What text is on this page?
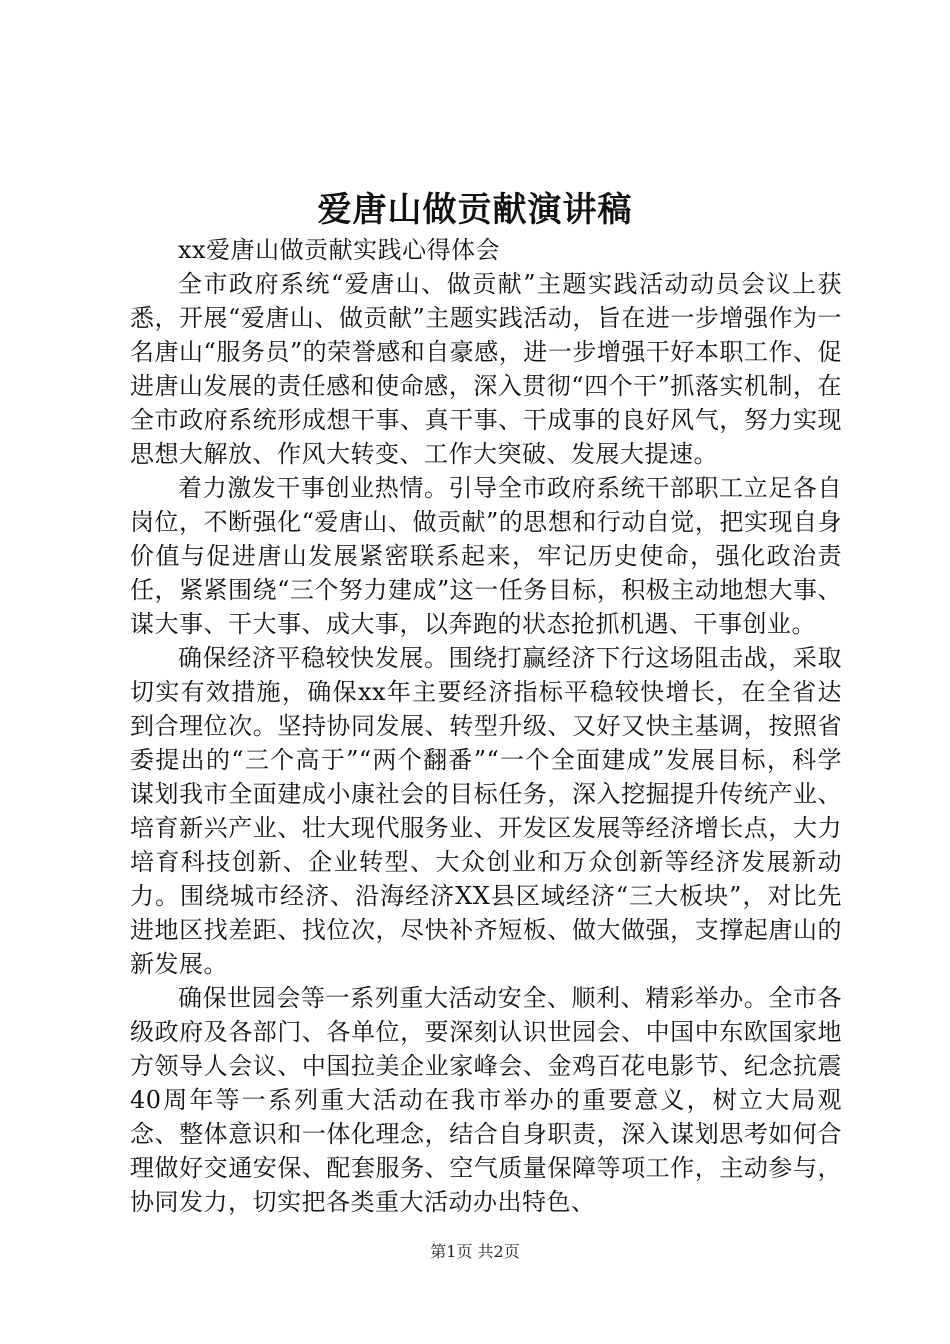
爱唐山做贡献演讲稿

xx爱唐山做贡献实践心得体会

全市政府系统“爱唐山、做贡献”主题实践活动动员会议上获悉，开展“爱唐山、做贡献”主题实践活动，旨在进一步增强作为一名唐山“服务员”的荣誉感和自豪感，进一步增强干好本职工作、促进唐山发展的责任感和使命感，深入贯彻“四个干”抓落实机制，在全市政府系统形成想干事、真干事、干成事的良好风气，努力实现思想大解放、作风大转变、工作大突破、发展大提速。

着力激发干事创业热情。引导全市政府系统干部职工立足各自岗位，不断强化“爱唐山、做贡献”的思想和行动自觉，把实现自身价值与促进唐山发展紧密联系起来，牢记历史使命，强化政治责任，紧紧围绕“三个努力建成”这一任务目标，积极主动地想大事、谋大事、干大事、成大事，以奔跑的状态抢抓机遇、干事创业。

确保经济平稳较快发展。围绕打赢经济下行这场阻击战，采取切实有效措施，确保xx年主要经济指标平稳较快增长，在全省达到合理位次。坚持协同发展、转型升级、又好又快主基调，按照省委提出的“三个高于”“两个翻番”“一个全面建成”发展目标，科学谋划我市全面建成小康社会的目标任务，深入挖掘提升传统产业、培育新兴产业、壮大现代服务业、开发区发展等经济增长点，大力培育科技创新、企业转型、大众创业和万众创新等经济发展新动力。围绕城市经济、沿海经济XX县区域经济“三大板块”，对比先进地区找差距、找位次，尽快补齐短板、做大做强，支撑起唐山的新发展。

确保世园会等一系列重大活动安全、顺利、精彩举办。全市各级政府及各部门、各单位，要深刻认识世园会、中国中东欧国家地方领导人会议、中国拉美企业家峰会、金鸡百花电影节、纪念抗震40周年等一系列重大活动在我市举办的重要意义，树立大局观念、整体意识和一体化理念，结合自身职责，深入谋划思考如何合理做好交通安保、配套服务、空气质量保障等项工作，主动参与，协同发力，切实把各类重大活动办出特色、

第1页 共2页
